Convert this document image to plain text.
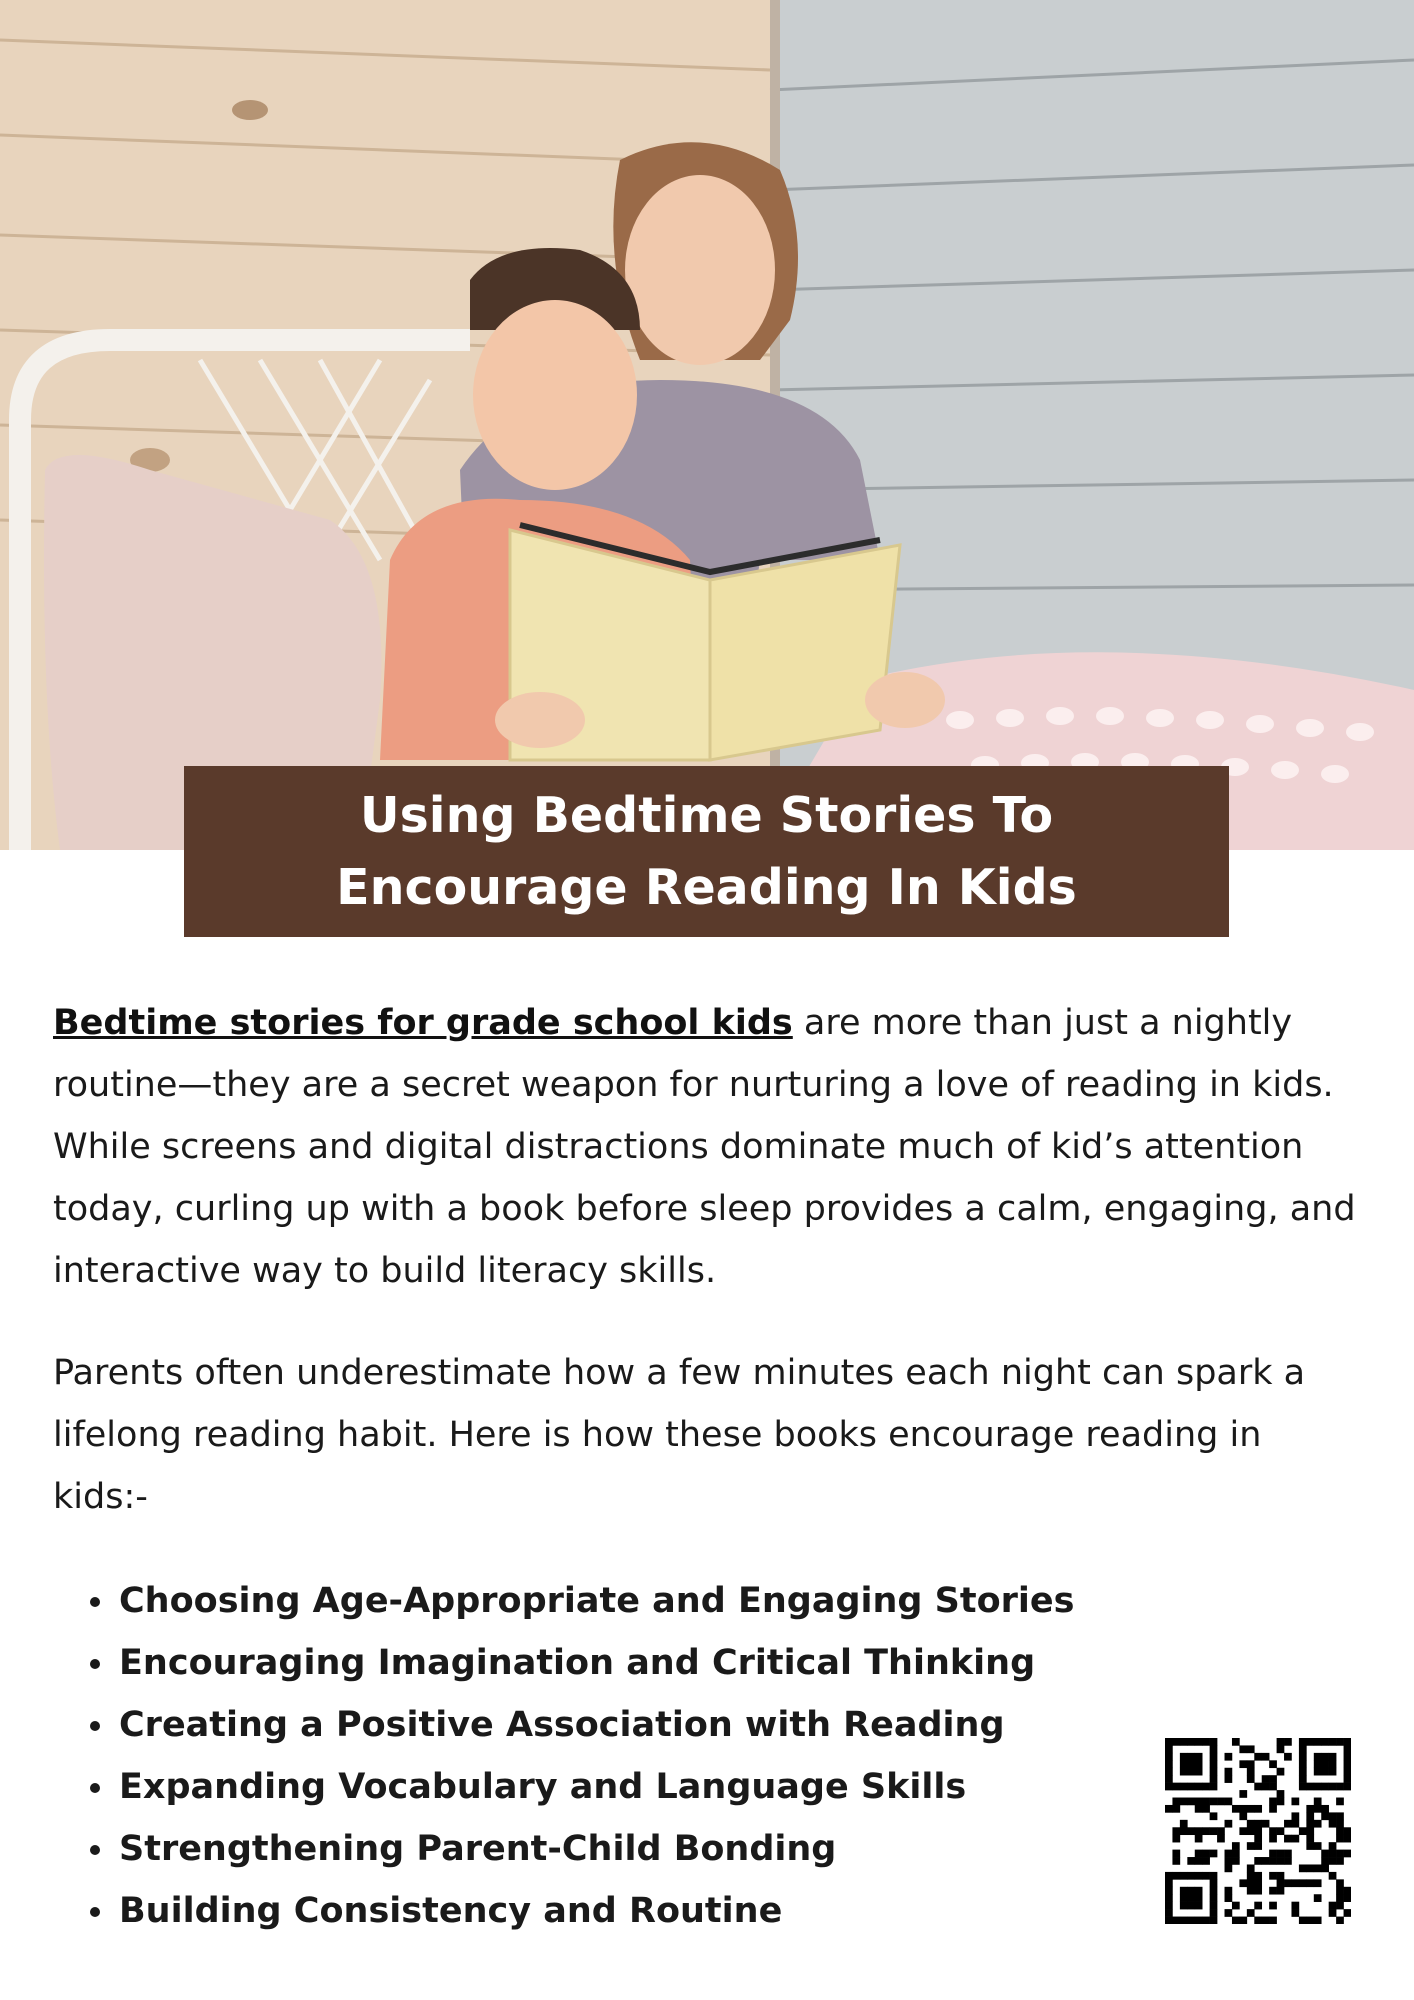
Using Bedtime Stories To Encourage Reading In Kids

Bedtime stories for grade school kids are more than just a nightly routine—they are a secret weapon for nurturing a love of reading in kids. While screens and digital distractions dominate much of kid’s attention today, curling up with a book before sleep provides a calm, engaging, and interactive way to build literacy skills.

Parents often underestimate how a few minutes each night can spark a lifelong reading habit. Here is how these books encourage reading in kids:-

• Choosing Age-Appropriate and Engaging Stories
• Encouraging Imagination and Critical Thinking
• Creating a Positive Association with Reading
• Expanding Vocabulary and Language Skills
• Strengthening Parent-Child Bonding
• Building Consistency and Routine
